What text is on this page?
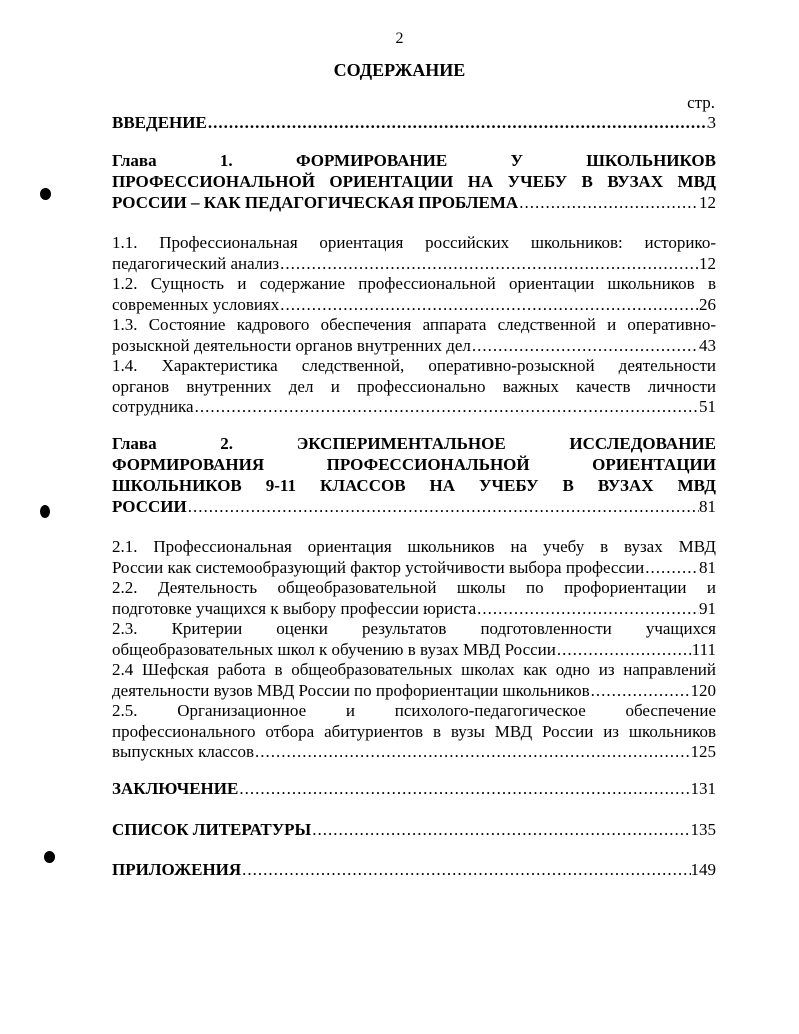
2
СОДЕРЖАНИЕ
стр.
ВВЕДЕНИЕ .....	3
Глава 1. ФОРМИРОВАНИЕ У ШКОЛЬНИКОВ
ПРОФЕССИОНАЛЬНОЙ ОРИЕНТАЦИИ НА УЧЕБУ В ВУЗАХ МВД
РОССИИ – КАК ПЕДАГОГИЧЕСКАЯ ПРОБЛЕМА .....	12
1.1. Профессиональная ориентация российских школьников: историко-
педагогический анализ .....	12
1.2. Сущность и содержание профессиональной ориентации школьников в
современных условиях .....	26
1.3. Состояние кадрового обеспечения аппарата следственной и оперативно-
розыскной деятельности органов внутренних дел .....	43
1.4. Характеристика следственной, оперативно-розыскной деятельности
органов внутренних дел и профессионально важных качеств личности
сотрудника .....	51
Глава 2. ЭКСПЕРИМЕНТАЛЬНОЕ ИССЛЕДОВАНИЕ
ФОРМИРОВАНИЯ ПРОФЕССИОНАЛЬНОЙ ОРИЕНТАЦИИ
ШКОЛЬНИКОВ 9-11 КЛАССОВ НА УЧЕБУ В ВУЗАХ МВД
РОССИИ .....	81
2.1. Профессиональная ориентация школьников на учебу в вузах МВД
России как системообразующий фактор устойчивости выбора профессии .....	81
2.2. Деятельность общеобразовательной школы по профориентации и
подготовке учащихся к выбору профессии юриста .....	91
2.3. Критерии оценки результатов подготовленности учащихся
общеобразовательных школ к обучению в вузах МВД России .....	111
2.4 Шефская работа в общеобразовательных школах как одно из направлений
деятельности вузов МВД России по профориентации школьников .....	120
2.5. Организационное и психолого-педагогическое обеспечение
профессионального отбора абитуриентов в вузы МВД России из школьников
выпускных классов .....	125
ЗАКЛЮЧЕНИЕ .....	131
СПИСОК ЛИТЕРАТУРЫ .....	135
ПРИЛОЖЕНИЯ .....	149
